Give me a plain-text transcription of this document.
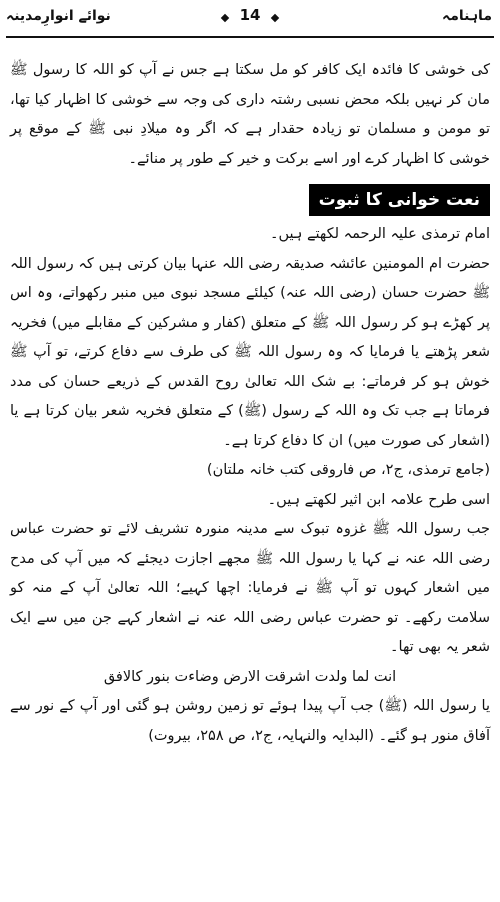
نوائے انوارِمدینہ	14	ماہنامہ

کی خوشی کا فائدہ ایک کافر کو مل سکتا ہے جس نے آپ کو اللہ کا رسول ﷺ مان کر نہیں بلکہ محض نسبی رشتہ داری کی وجہ سے خوشی کا اظہار کیا تھا، تو مومن و مسلمان تو زیادہ حقدار ہے کہ اگر وہ میلادِ نبی ﷺ کے موقع پر خوشی کا اظہار کرے اور اسے برکت و خیر کے طور پر منائے۔

نعت خوانی کا ثبوت

امام ترمذی علیہ الرحمہ لکھتے ہیں۔

حضرت ام المومنین عائشہ صدیقہ رضی اللہ عنہا بیان کرتی ہیں کہ رسول اللہ ﷺ حضرت حسان (رضی اللہ عنہ) کیلئے مسجد نبوی میں منبر رکھواتے، وہ اس پر کھڑے ہو کر رسول اللہ ﷺ کے متعلق (کفار و مشرکین کے مقابلے میں) فخریہ شعر پڑھتے یا فرمایا کہ وہ رسول اللہ ﷺ کی طرف سے دفاع کرتے، تو آپ ﷺ خوش ہو کر فرماتے: بے شک اللہ تعالیٰ روح القدس کے ذریعے حسان کی مدد فرماتا ہے جب تک وہ اللہ کے رسول (ﷺ) کے متعلق فخریہ شعر بیان کرتا ہے یا (اشعار کی صورت میں) ان کا دفاع کرتا ہے۔

(جامع ترمذی، ج۲، ص فاروقی کتب خانہ ملتان)

اسی طرح علامہ ابن اثیر لکھتے ہیں۔

جب رسول اللہ ﷺ غزوہ تبوک سے مدینہ منورہ تشریف لائے تو حضرت عباس رضی اللہ عنہ نے کہا یا رسول اللہ ﷺ مجھے اجازت دیجئے کہ میں آپ کی مدح میں اشعار کہوں تو آپ ﷺ نے فرمایا: اچھا کہیے؛ اللہ تعالیٰ آپ کے منہ کو سلامت رکھے۔ تو حضرت عباس رضی اللہ عنہ نے اشعار کہے جن میں سے ایک شعر یہ بھی تھا۔

انت لما ولدت اشرقت الارض وضاءت بنور کالافق

یا رسول اللہ (ﷺ) جب آپ پیدا ہوئے تو زمین روشن ہو گئی اور آپ کے نور سے آفاق منور ہو گئے۔ (البدایہ والنہایہ، ج۲، ص ۲۵۸، بیروت)
